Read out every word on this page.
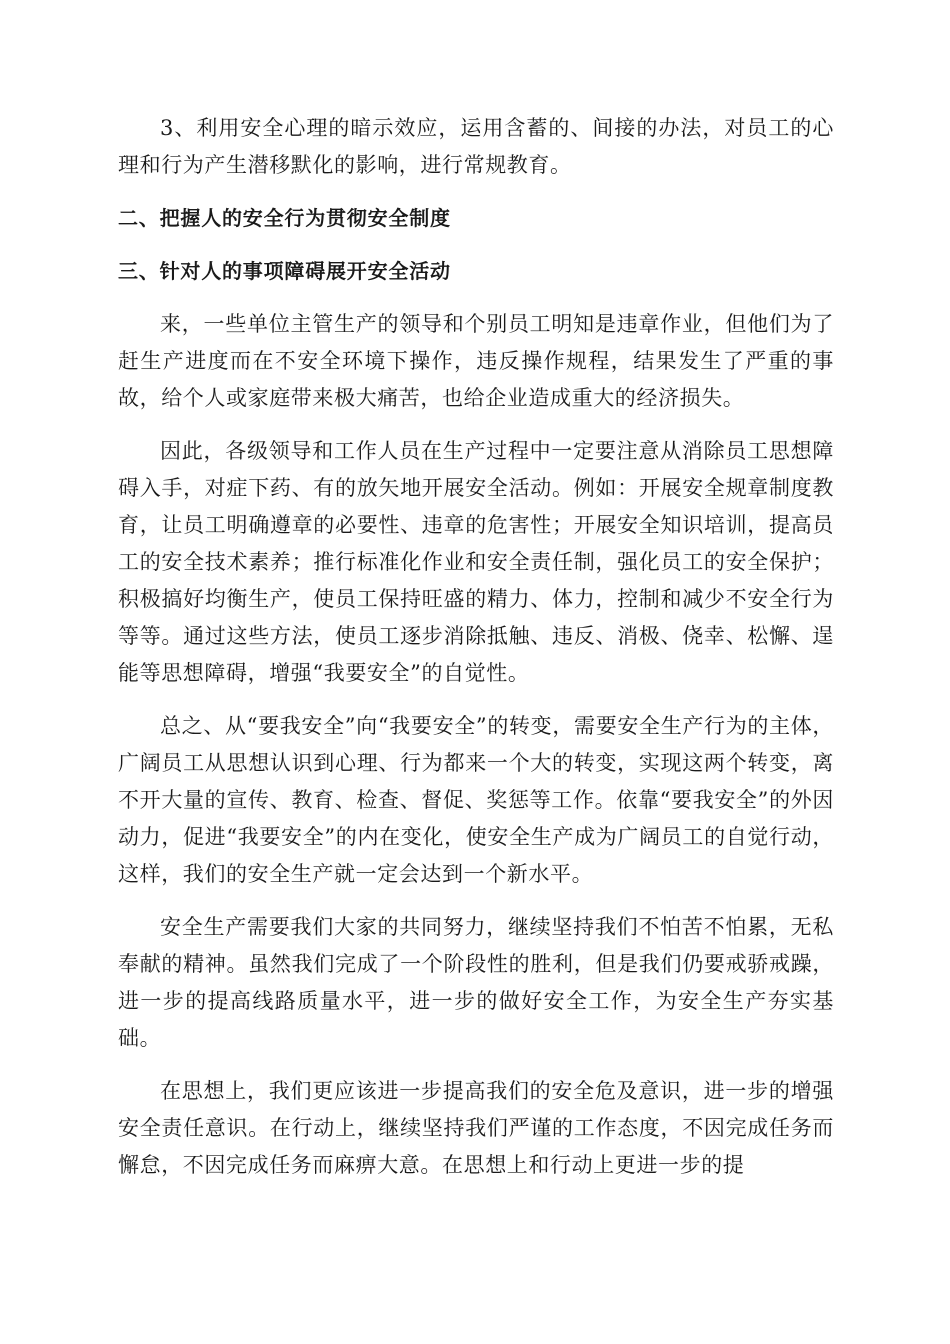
3、利用安全心理的暗示效应，运用含蓄的、间接的办法，对员工的心理和行为产生潜移默化的影响，进行常规教育。

二、把握人的安全行为贯彻安全制度

三、针对人的事项障碍展开安全活动

来，一些单位主管生产的领导和个别员工明知是违章作业，但他们为了赶生产进度而在不安全环境下操作，违反操作规程，结果发生了严重的事故，给个人或家庭带来极大痛苦，也给企业造成重大的经济损失。

因此，各级领导和工作人员在生产过程中一定要注意从消除员工思想障碍入手，对症下药、有的放矢地开展安全活动。例如：开展安全规章制度教育，让员工明确遵章的必要性、违章的危害性；开展安全知识培训，提高员工的安全技术素养；推行标准化作业和安全责任制，强化员工的安全保护；积极搞好均衡生产，使员工保持旺盛的精力、体力，控制和减少不安全行为等等。通过这些方法，使员工逐步消除抵触、违反、消极、侥幸、松懈、逞能等思想障碍，增强“我要安全”的自觉性。

总之、从“要我安全”向“我要安全”的转变，需要安全生产行为的主体，广阔员工从思想认识到心理、行为都来一个大的转变，实现这两个转变，离不开大量的宣传、教育、检查、督促、奖惩等工作。依靠“要我安全”的外因动力，促进“我要安全”的内在变化，使安全生产成为广阔员工的自觉行动，这样，我们的安全生产就一定会达到一个新水平。

安全生产需要我们大家的共同努力，继续坚持我们不怕苦不怕累，无私奉献的精神。虽然我们完成了一个阶段性的胜利，但是我们仍要戒骄戒躁，进一步的提高线路质量水平，进一步的做好安全工作，为安全生产夯实基础。

在思想上，我们更应该进一步提高我们的安全危及意识，进一步的增强安全责任意识。在行动上，继续坚持我们严谨的工作态度，不因完成任务而懈怠，不因完成任务而麻痹大意。在思想上和行动上更进一步的提
